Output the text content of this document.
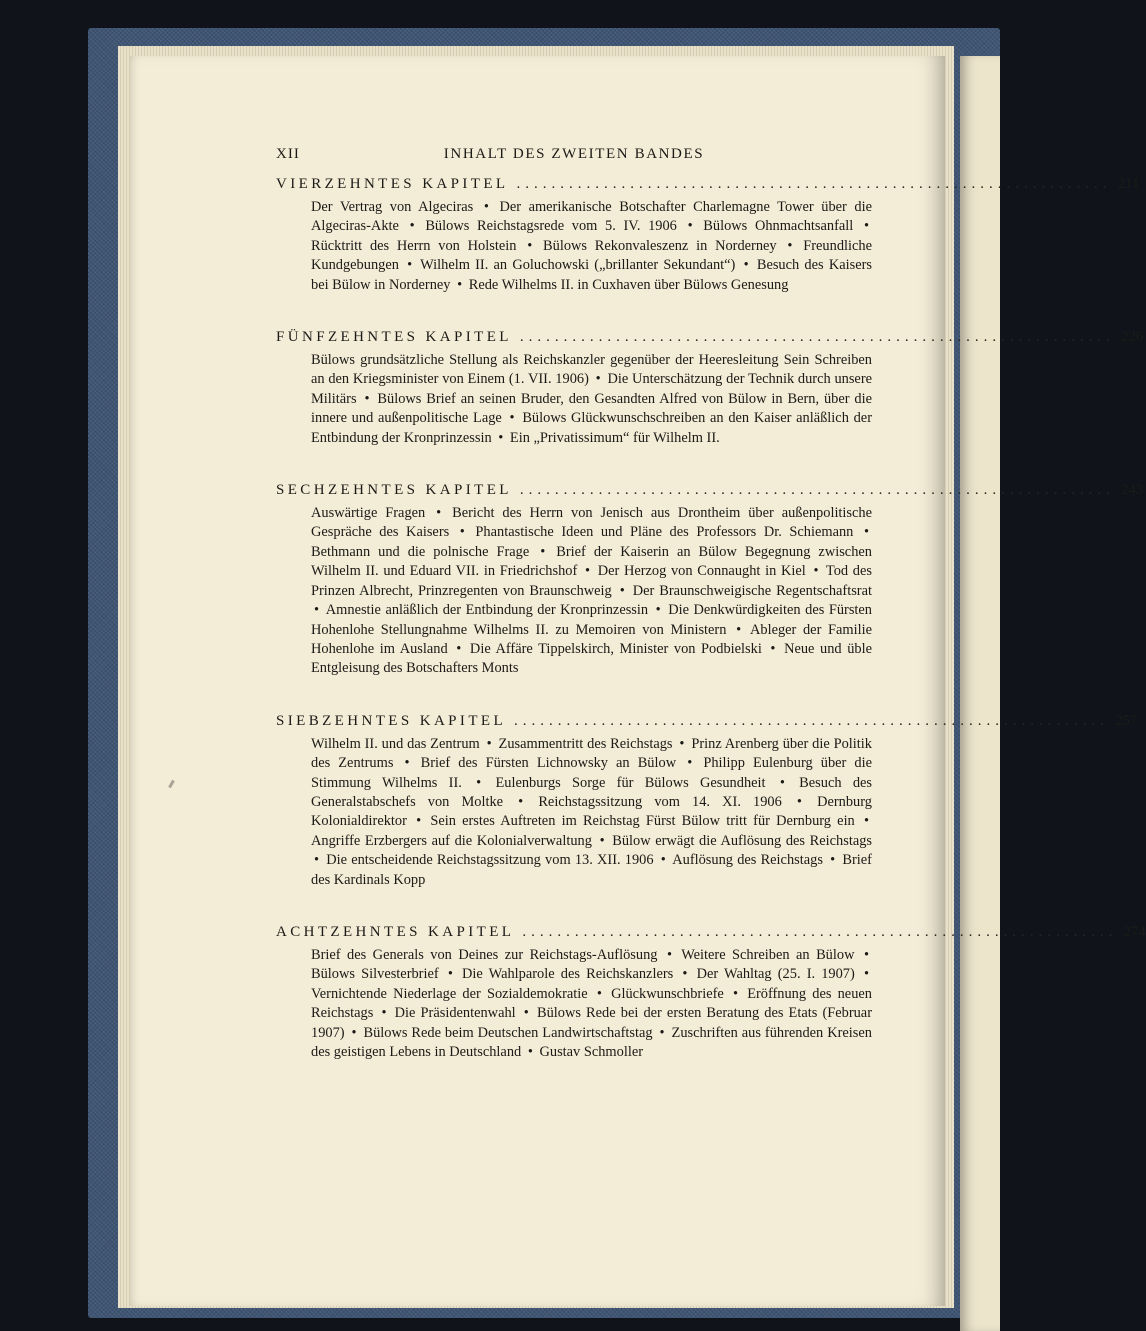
XII	INHALT DES ZWEITEN BANDES
VIERZEHNTES KAPITEL .................................................................... 211
Der Vertrag von Algeciras • Der amerikanische Botschafter Charlemagne Tower über die Algeciras-Akte • Bülows Reichstagsrede vom 5. IV. 1906 • Bülows Ohnmachtsanfall • Rücktritt des Herrn von Holstein • Bülows Rekonvaleszenz in Norderney • Freundliche Kundgebungen • Wilhelm II. an Goluchowski („brillanter Sekundant“) • Besuch des Kaisers bei Bülow in Norderney • Rede Wilhelms II. in Cuxhaven über Bülows Genesung
FÜNFZEHNTES KAPITEL .................................................................... 226
Bülows grundsätzliche Stellung als Reichskanzler gegenüber der Heeresleitung Sein Schreiben an den Kriegsminister von Einem (1. VII. 1906) • Die Unterschätzung der Technik durch unsere Militärs • Bülows Brief an seinen Bruder, den Gesandten Alfred von Bülow in Bern, über die innere und außenpolitische Lage • Bülows Glückwunschschreiben an den Kaiser anläßlich der Entbindung der Kronprinzessin • Ein „Privatissimum“ für Wilhelm II.
SECHZEHNTES KAPITEL .................................................................... 243
Auswärtige Fragen • Bericht des Herrn von Jenisch aus Drontheim über außenpolitische Gespräche des Kaisers • Phantastische Ideen und Pläne des Professors Dr. Schiemann • Bethmann und die polnische Frage • Brief der Kaiserin an Bülow Begegnung zwischen Wilhelm II. und Eduard VII. in Friedrichshof • Der Herzog von Connaught in Kiel • Tod des Prinzen Albrecht, Prinzregenten von Braunschweig • Der Braunschweigische Regentschaftsrat • Amnestie anläßlich der Entbindung der Kronprinzessin • Die Denkwürdigkeiten des Fürsten Hohenlohe Stellungnahme Wilhelms II. zu Memoiren von Ministern • Ableger der Familie Hohenlohe im Ausland • Die Affäre Tippelskirch, Minister von Podbielski • Neue und üble Entgleisung des Botschafters Monts
SIEBZEHNTES KAPITEL .................................................................... 257
Wilhelm II. und das Zentrum • Zusammentritt des Reichstags • Prinz Arenberg über die Politik des Zentrums • Brief des Fürsten Lichnowsky an Bülow • Philipp Eulenburg über die Stimmung Wilhelms II. • Eulenburgs Sorge für Bülows Gesundheit • Besuch des Generalstabschefs von Moltke • Reichstagssitzung vom 14. XI. 1906 • Dernburg Kolonialdirektor • Sein erstes Auftreten im Reichstag Fürst Bülow tritt für Dernburg ein • Angriffe Erzbergers auf die Kolonialverwaltung • Bülow erwägt die Auflösung des Reichstags • Die entscheidende Reichstagssitzung vom 13. XII. 1906 • Auflösung des Reichstags • Brief des Kardinals Kopp
ACHTZEHNTES KAPITEL .................................................................... 274
Brief des Generals von Deines zur Reichstags-Auflösung • Weitere Schreiben an Bülow • Bülows Silvesterbrief • Die Wahlparole des Reichskanzlers • Der Wahltag (25. I. 1907) • Vernichtende Niederlage der Sozialdemokratie • Glückwunschbriefe • Eröffnung des neuen Reichstags • Die Präsidentenwahl • Bülows Rede bei der ersten Beratung des Etats (Februar 1907) • Bülows Rede beim Deutschen Landwirtschaftstag • Zuschriften aus führenden Kreisen des geistigen Lebens in Deutschland • Gustav Schmoller
